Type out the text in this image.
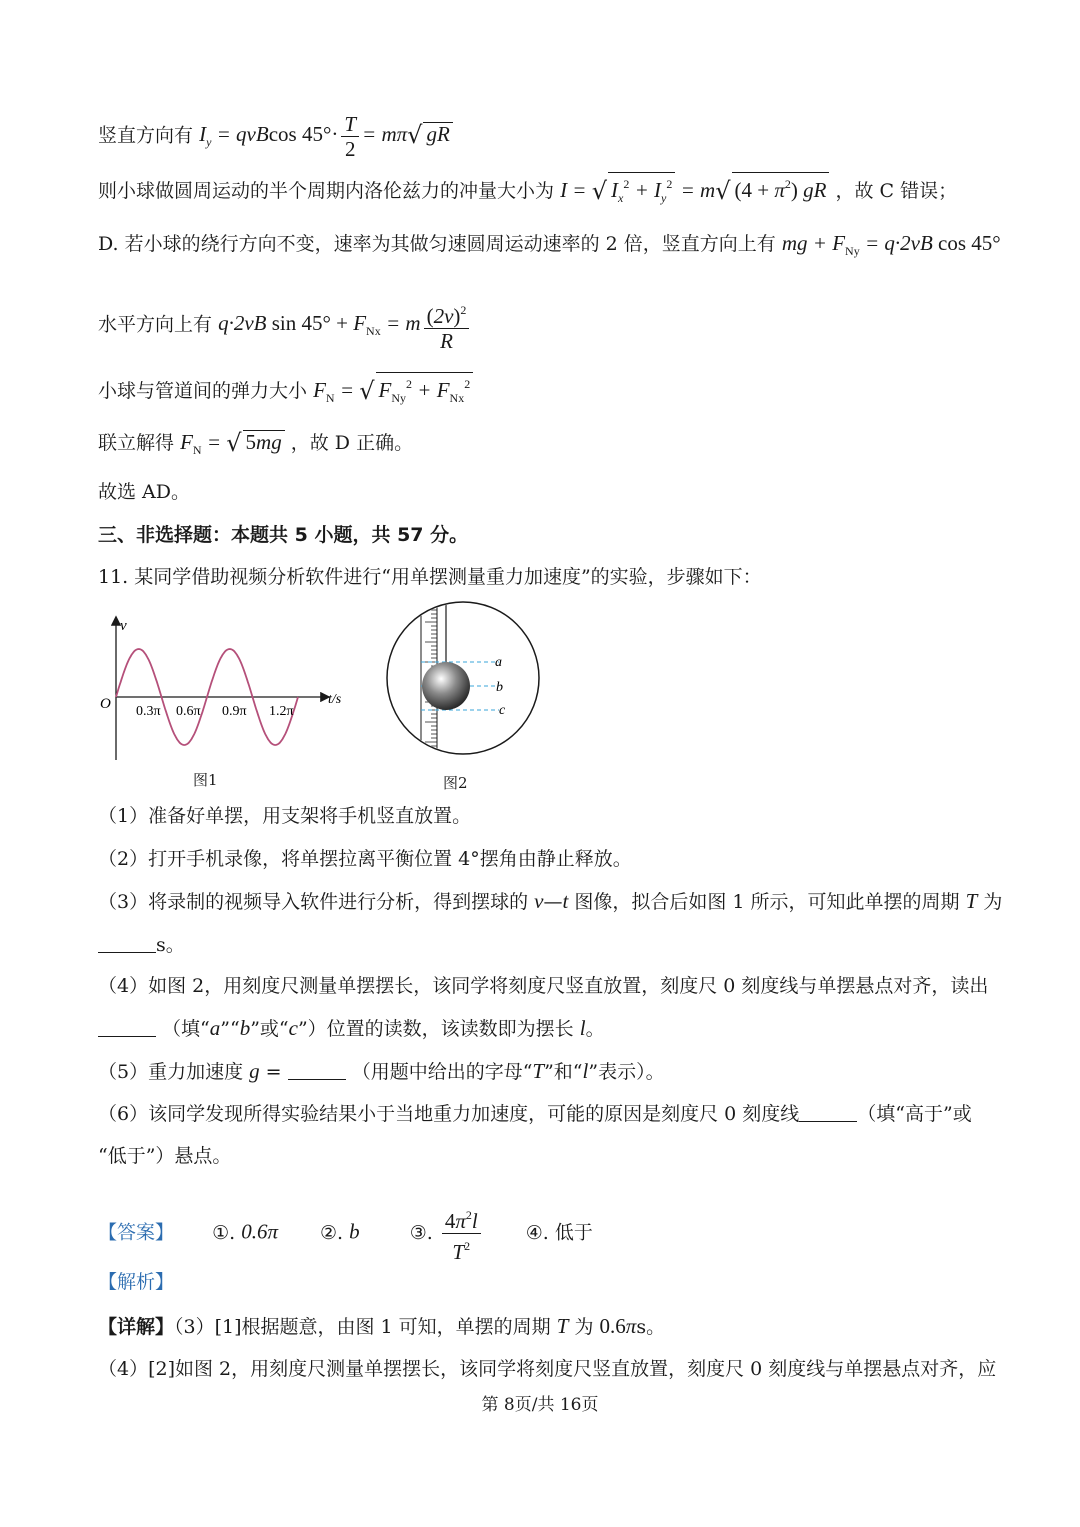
竖直方向有 $I_y = qvBcos$ $45^\circ\cdot \frac{T}{2} = m\pi√$ gR
则小球做圆周运动的半个周期内洛伦兹力的冲量大小为 I = √ $I_x^2 + I_y^2 = m√$ $(4 + \pi^2)$ gR ，故 C 错误；
D. 若小球的绕行方向不变，速率为其做匀速圆周运动速率的 2 倍，竖直方向上有 mg + $F_{Ny} = q\cdot 2vB$ cos 45°
水平方向上有 q·2vB $\sin 45^\circ + F_{Nx} = m \frac{(2v)^2}{R}$
小球与管道间的弹力大小 $F_N$ = √ $F_{Ny}^2 + F_{Nx}^2$
联立解得 $F_N$ = √ 5mg ，故 D 正确。
故选 AD。
三、非选择题：本题共 5 小题，共 57 分。
11. 某同学借助视频分析软件进行“用单摆测量重力加速度”的实验，步骤如下：
v
t/s
O 0.3π 0.6π 0.9π 1.2π
图1
a
b
c
图2
（1）准备好单摆，用支架将手机竖直放置。
（2）打开手机录像，将单摆拉离平衡位置 4°摆角由静止释放。
（3）将录制的视频导入软件进行分析，得到摆球的 v—t 图像，拟合后如图 1 所示，可知此单摆的周期 T 为
s。
（4）如图 2，用刻度尺测量单摆摆长，该同学将刻度尺竖直放置，刻度尺 0 刻度线与单摆悬点对齐，读出
（填“a”“b”或“c”）位置的读数，该读数即为摆长 l。
（5）重力加速度 g =	（用题中给出的字母“T”和“l”表示）。
（6）该同学发现所得实验结果小于当地重力加速度，可能的原因是刻度尺 0 刻度线	（填“高于”或
“低于”）悬点。
【答案】 ①. 0.6π ②. b	③. $\frac{4\pi^2l}{T^2}$ ④. 低于
【解析】
【详解】（3）[1]根据题意，由图 1 可知，单摆的周期 T 为 0.6πs。
（4）[2]如图 2，用刻度尺测量单摆摆长，该同学将刻度尺竖直放置，刻度尺 0 刻度线与单摆悬点对齐，应
第 8页/共 16页
